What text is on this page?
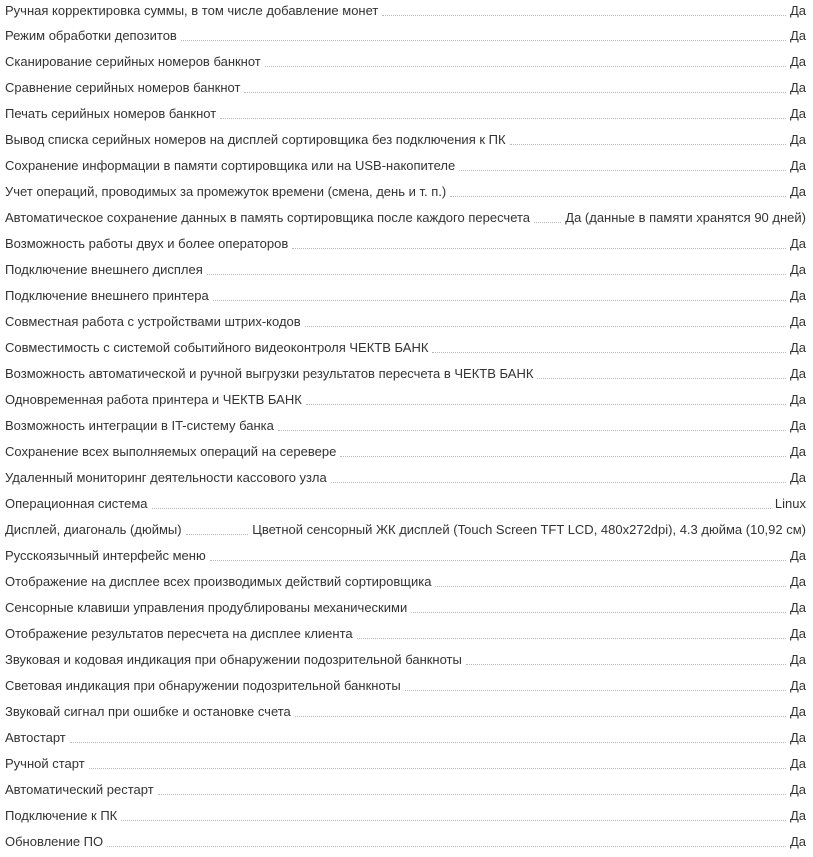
Ручная корректировка суммы, в том числе добавление монет	Да
Режим обработки депозитов	Да
Сканирование серийных номеров банкнот	Да
Сравнение серийных номеров банкнот	Да
Печать серийных номеров банкнот	Да
Вывод списка серийных номеров на дисплей сортировщика без подключения к ПК	Да
Сохранение информации в памяти сортировщика или на USB-накопителе	Да
Учет операций, проводимых за промежуток времени (смена, день и т. п.)	Да
Автоматическое сохранение данных в память сортировщика после каждого пересчета	Да (данные в памяти хранятся 90 дней)
Возможность работы двух и более операторов	Да
Подключение внешнего дисплея	Да
Подключение внешнего принтера	Да
Совместная работа с устройствами штрих-кодов	Да
Совместимость с системой событийного видеоконтроля ЧЕКТВ БАНК	Да
Возможность автоматической и ручной выгрузки результатов пересчета в ЧЕКТВ БАНК	Да
Одновременная работа принтера и ЧЕКТВ БАНК	Да
Возможность интеграции в IT-систему банка	Да
Сохранение всех выполняемых операций на серевере	Да
Удаленный мониторинг деятельности кассового узла	Да
Операционная система	Linux
Дисплей, диагональ (дюймы)	Цветной сенсорный ЖК дисплей (Touch Screen TFT LCD, 480x272dpi), 4.3 дюйма (10,92 см)
Русскоязычный интерфейс меню	Да
Отображение на дисплее всех производимых действий сортировщика	Да
Сенсорные клавиши управления продублированы механическими	Да
Отображение результатов пересчета на дисплее клиента	Да
Звуковая и кодовая индикация при обнаружении подозрительной банкноты	Да
Световая индикация при обнаружении подозрительной банкноты	Да
Звуковай сигнал при ошибке и остановке счета	Да
Автостарт	Да
Ручной старт	Да
Автоматический рестарт	Да
Подключение к ПК	Да
Обновление ПО	Да
